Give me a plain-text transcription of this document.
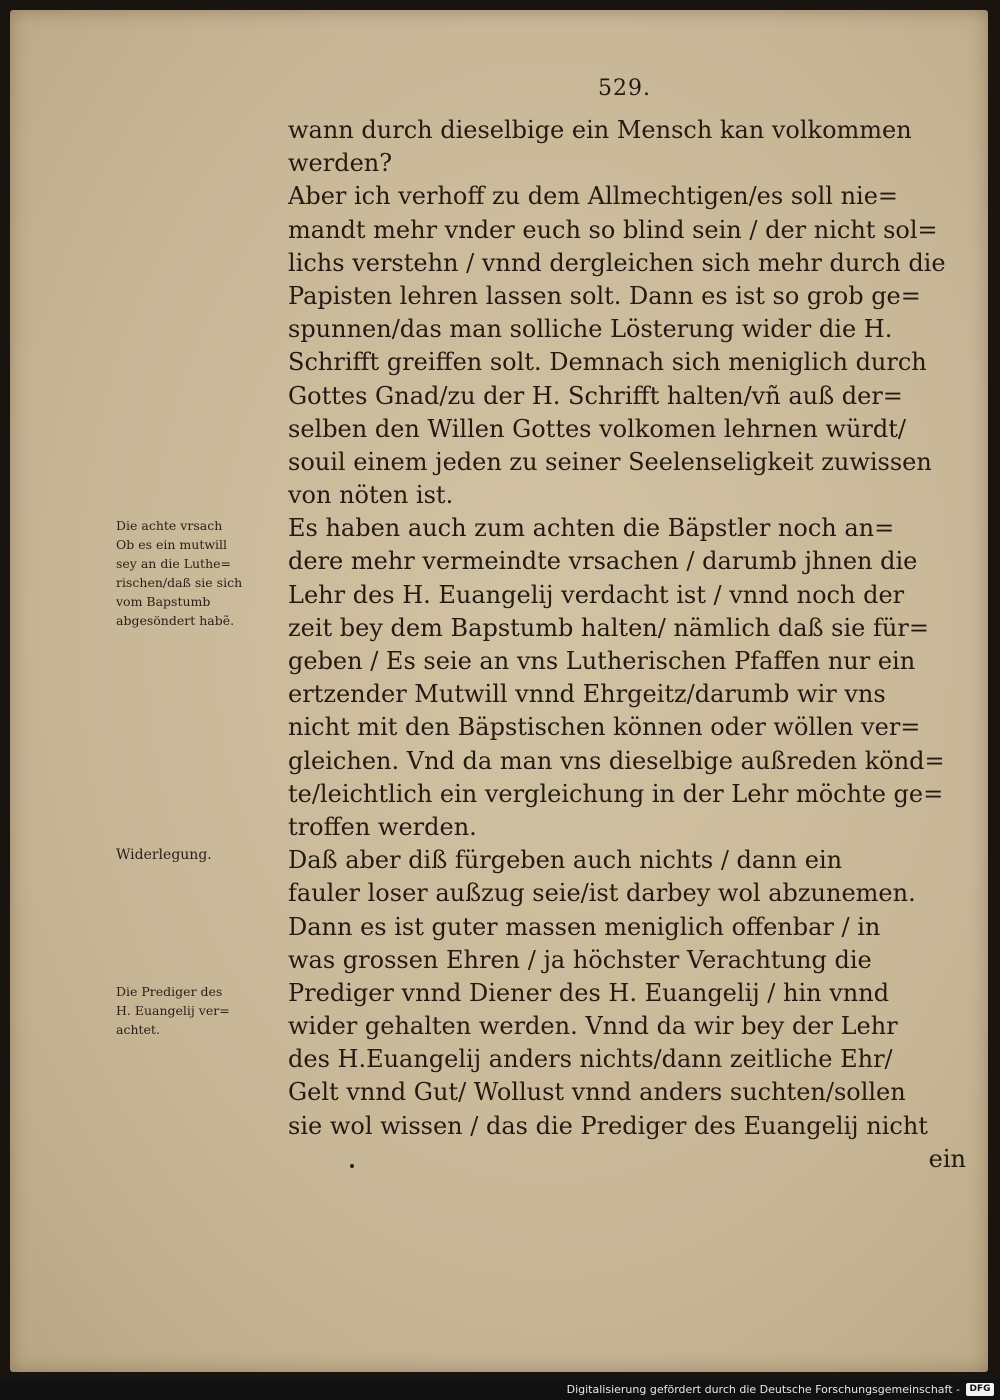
529.
wann durch dieselbige ein Mensch kan volkommen
werden?
Aber ich verhoff zu dem Allmechtigen/es soll nie=
mandt mehr vnder euch so blind sein / der nicht sol=
lichs verstehn / vnnd dergleichen sich mehr durch die
Papisten lehren lassen solt. Dann es ist so grob ge=
spunnen/das man solliche Lösterung wider die H.
Schrifft greiffen solt. Demnach sich meniglich durch
Gottes Gnad/zu der H. Schrifft halten/vñ auß der=
selben den Willen Gottes volkomen lehrnen würdt/
souil einem jeden zu seiner Seelenseligkeit zuwissen
von nöten ist.
Es haben auch zum achten die Bäpstler noch an=
dere mehr vermeindte vrsachen / darumb jhnen die
Lehr des H. Euangelij verdacht ist / vnnd noch der
zeit bey dem Bapstumb halten/ nämlich daß sie für=
geben / Es seie an vns Lutherischen Pfaffen nur ein
ertzender Mutwill vnnd Ehrgeitz/darumb wir vns
nicht mit den Bäpstischen können oder wöllen ver=
gleichen. Vnd da man vns dieselbige außreden könd=
te/leichtlich ein vergleichung in der Lehr möchte ge=
troffen werden.
Daß aber diß fürgeben auch nichts / dann ein
fauler loser außzug seie/ist darbey wol abzunemen.
Dann es ist guter massen meniglich offenbar / in
was grossen Ehren / ja höchster Verachtung die
Prediger vnnd Diener des H. Euangelij / hin vnnd
wider gehalten werden. Vnnd da wir bey der Lehr
des H.Euangelij anders nichts/dann zeitliche Ehr/
Gelt vnnd Gut/ Wollust vnnd anders suchten/sollen
sie wol wissen / das die Prediger des Euangelij nicht
ein
Die achte vrsach
Ob es ein mutwill
sey an die Luthe=
rischen/daß sie sich
vom Bapstumb
abgesöndert habẽ.
Widerlegung.
Die Prediger des
H. Euangelij ver=
achtet.
Digitalisierung gefördert durch die Deutsche Forschungsgemeinschaft -	DFG
